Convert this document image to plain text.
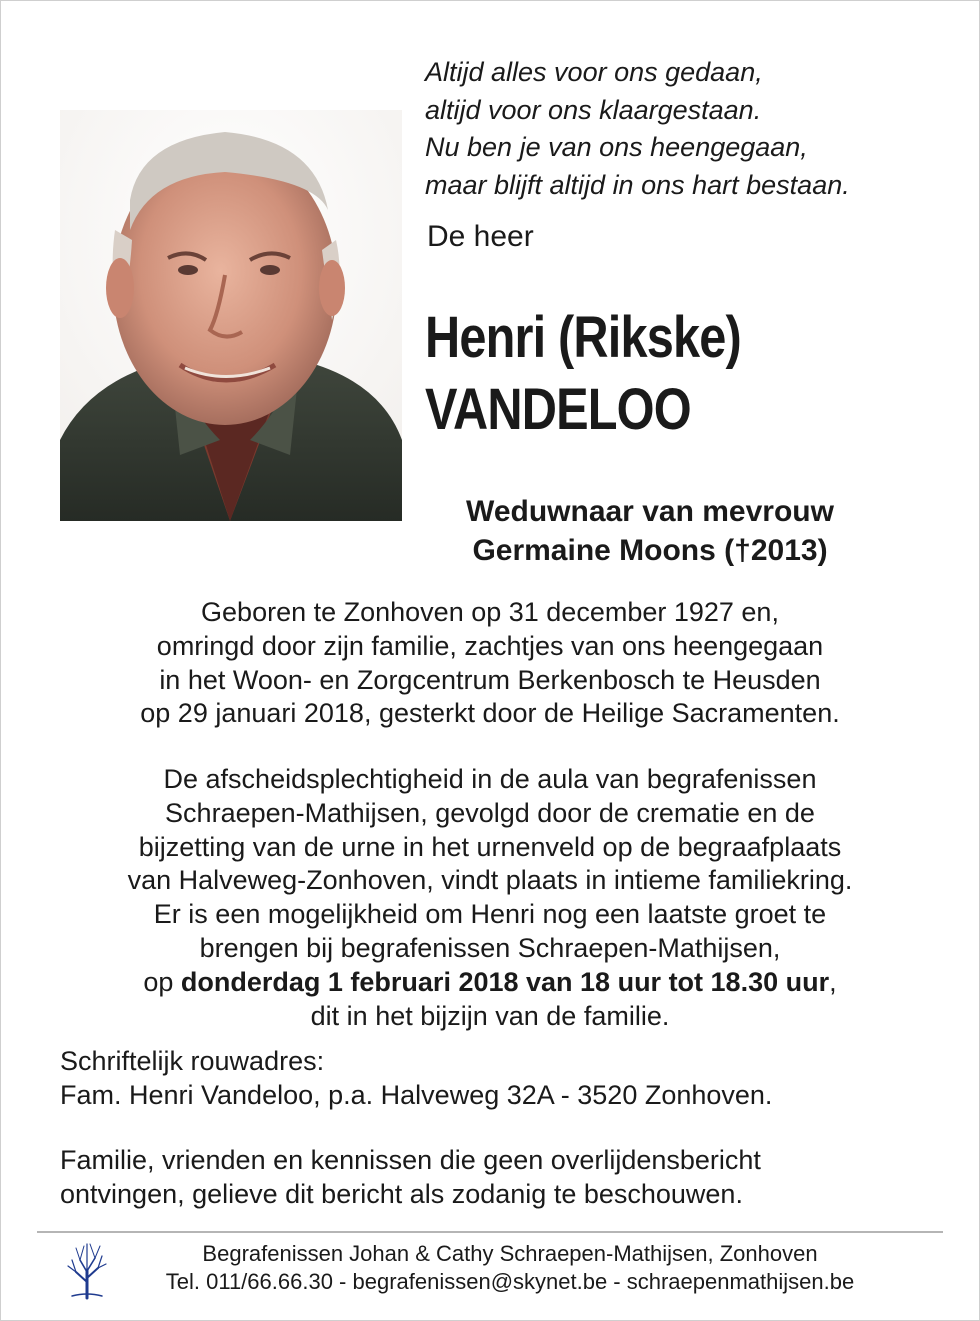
Altijd alles voor ons gedaan,
altijd voor ons klaargestaan.
Nu ben je van ons heengegaan,
maar blijft altijd in ons hart bestaan.
De heer
Henri (Rikske)
VANDELOO
Weduwnaar van mevrouw
Germaine Moons (†2013)
Geboren te Zonhoven op 31 december 1927 en,
omringd door zijn familie, zachtjes van ons heengegaan
in het Woon- en Zorgcentrum Berkenbosch te Heusden
op 29 januari 2018, gesterkt door de Heilige Sacramenten.
De afscheidsplechtigheid in de aula van begrafenissen
Schraepen-Mathijsen, gevolgd door de crematie en de
bijzetting van de urne in het urnenveld op de begraafplaats
van Halveweg-Zonhoven, vindt plaats in intieme familiekring.
Er is een mogelijkheid om Henri nog een laatste groet te
brengen bij begrafenissen Schraepen-Mathijsen,
op donderdag 1 februari 2018 van 18 uur tot 18.30 uur,
dit in het bijzijn van de familie.
Schriftelijk rouwadres:
Fam. Henri Vandeloo, p.a. Halveweg 32A - 3520 Zonhoven.
Familie, vrienden en kennissen die geen overlijdensbericht
ontvingen, gelieve dit bericht als zodanig te beschouwen.
Begrafenissen Johan & Cathy Schraepen-Mathijsen, Zonhoven
Tel. 011/66.66.30 - begrafenissen@skynet.be - schraepenmathijsen.be
